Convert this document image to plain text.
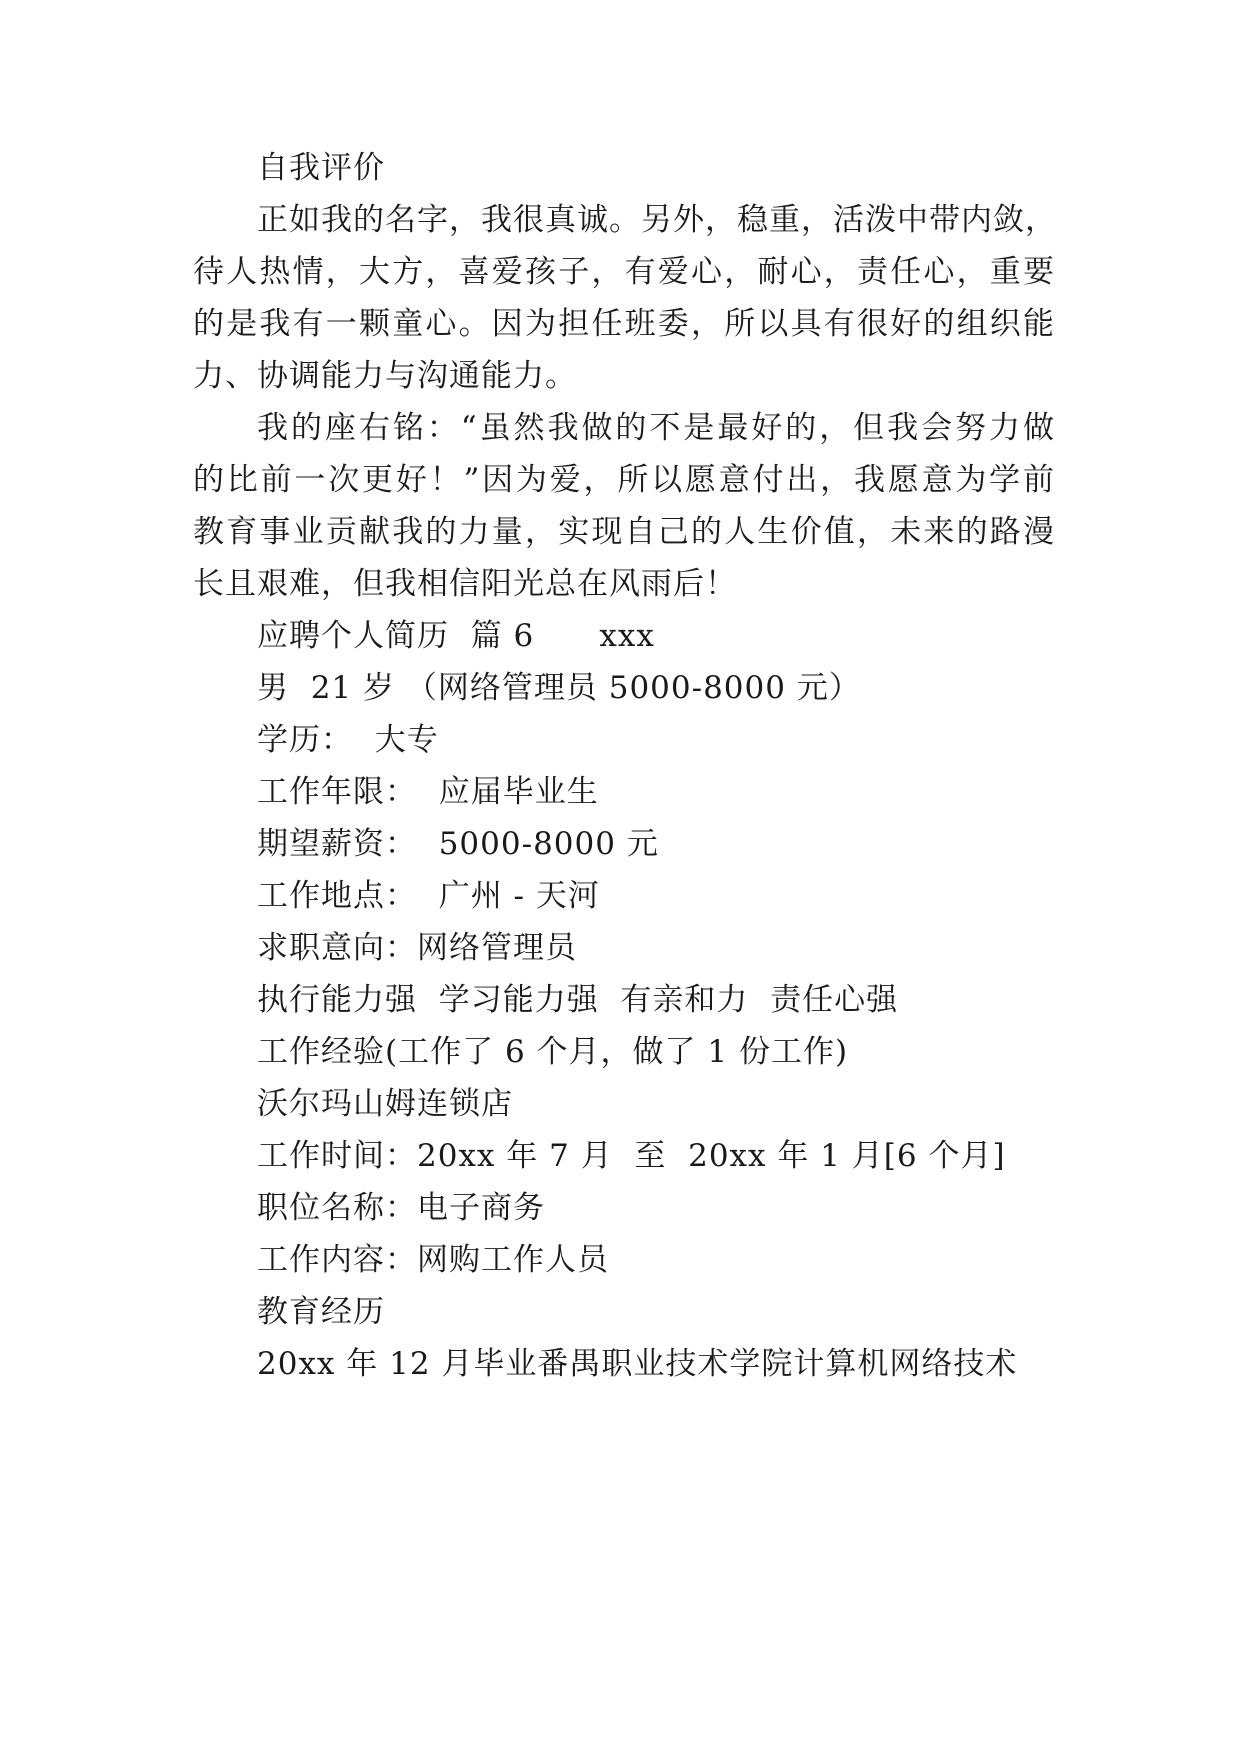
自我评价
正如我的名字，我很真诚。另外，稳重，活泼中带内敛，
待人热情，大方，喜爱孩子，有爱心，耐心，责任心，重要
的是我有一颗童心。因为担任班委，所以具有很好的组织能
力、协调能力与沟通能力。
我的座右铭：“虽然我做的不是最好的，但我会努力做
的比前一次更好！”因为爱，所以愿意付出，我愿意为学前
教育事业贡献我的力量，实现自己的人生价值，未来的路漫
长且艰难，但我相信阳光总在风雨后！
应聘个人简历  篇 6      xxx
男  21 岁 （网络管理员 5000-8000 元）
学历：  大专
工作年限：  应届毕业生
期望薪资：  5000-8000 元
工作地点：  广州 - 天河
求职意向：网络管理员
执行能力强  学习能力强  有亲和力  责任心强
工作经验(工作了 6 个月，做了 1 份工作)
沃尔玛山姆连锁店
工作时间：20xx 年 7 月  至  20xx 年 1 月[6 个月]
职位名称：电子商务
工作内容：网购工作人员
教育经历
20xx 年 12 月毕业番禺职业技术学院计算机网络技术
